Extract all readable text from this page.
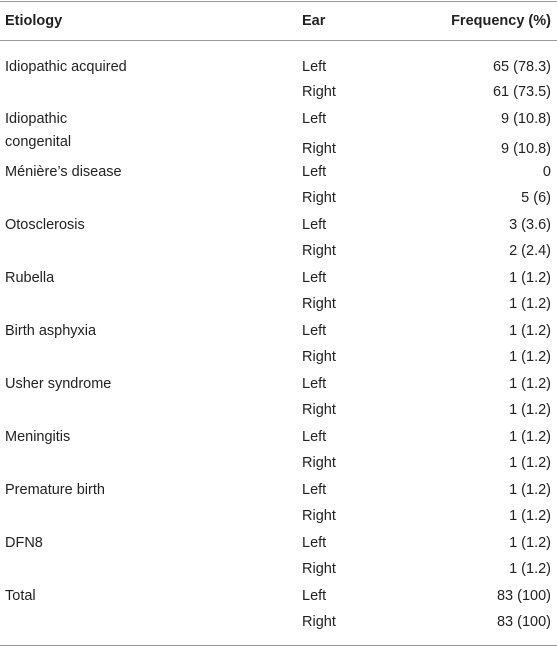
Etiology	Ear	Frequency (%)
Idiopathic acquired	Left	65 (78.3)
Right	61 (73.5)
Idiopathic
congenital
Left	9 (10.8)
Right	9 (10.8)
Ménière’s disease	Left	0
Right	5 (6)
Otosclerosis	Left	3 (3.6)
Right	2 (2.4)
Rubella	Left	1 (1.2)
Right	1 (1.2)
Birth asphyxia	Left	1 (1.2)
Right	1 (1.2)
Usher syndrome	Left	1 (1.2)
Right	1 (1.2)
Meningitis	Left	1 (1.2)
Right	1 (1.2)
Premature birth	Left	1 (1.2)
Right	1 (1.2)
DFN8	Left	1 (1.2)
Right	1 (1.2)
Total	Left	83 (100)
Right	83 (100)
